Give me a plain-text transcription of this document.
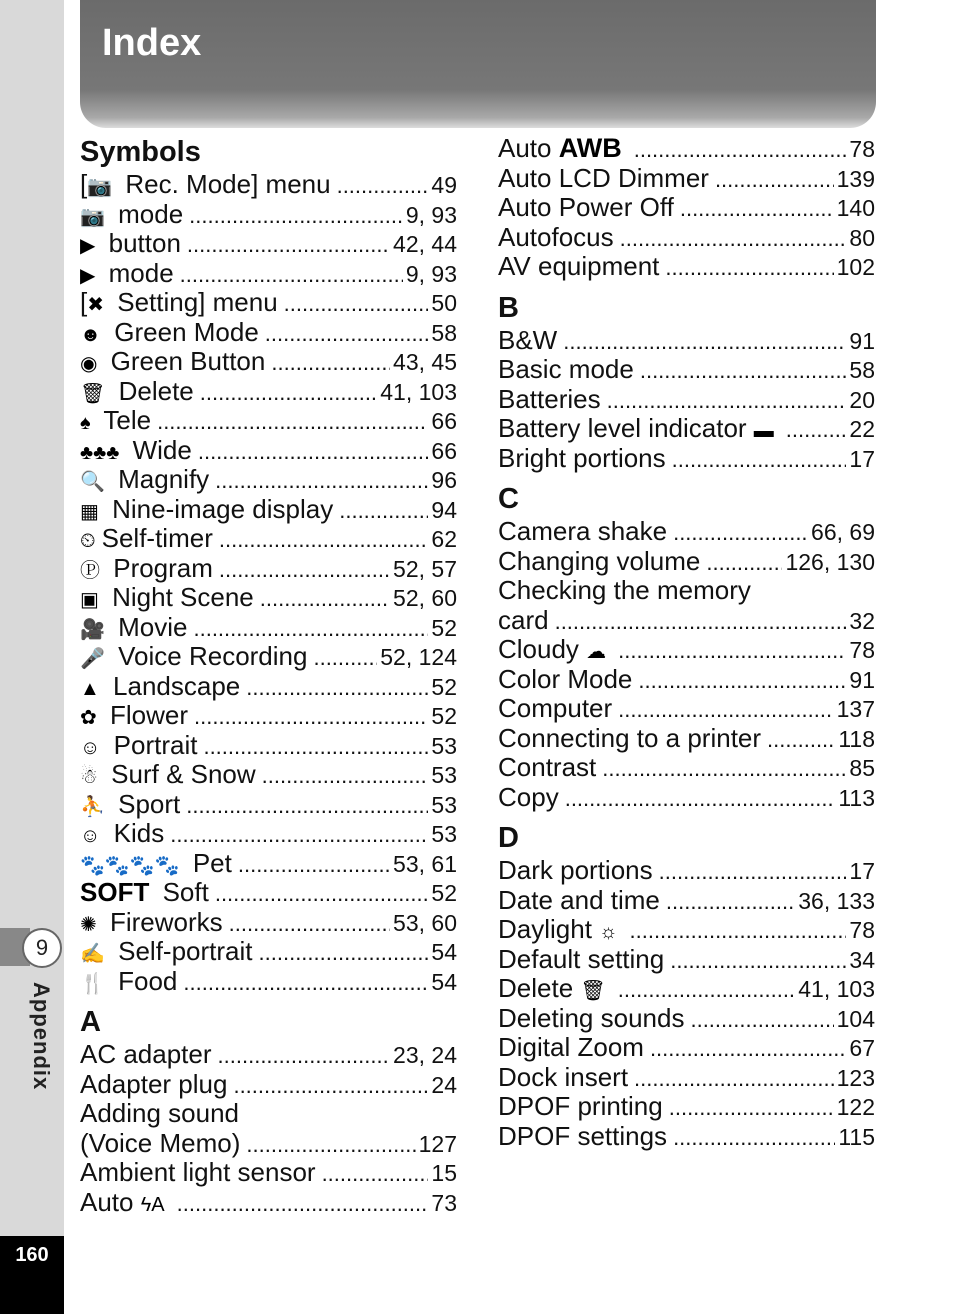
9
Appendix
160
Index
Symbols
[📷 Rec. Mode] menu .....	49
📷 mode .....	9, 93
▶ button .....	42, 44
▶ mode .....	9, 93
[✖ Setting] menu .....	50
☻ Green Mode .....	58
◉ Green Button .....	43, 45
🗑 Delete .....	41, 103
♠ Tele .....	66
♣♣♣ Wide .....	66
🔍 Magnify .....	96
▦ Nine-image display .....	94
⏲ Self-timer .....	62
Ⓟ Program .....	52, 57
▣ Night Scene .....	52, 60
🎥 Movie .....	52
🎤 Voice Recording .....	52, 124
▲ Landscape .....	52
✿ Flower .....	52
☺ Portrait .....	53
☃ Surf & Snow .....	53
⛹ Sport .....	53
☺ Kids .....	53
🐾🐾🐾🐾 Pet .....	53, 61
SOFT Soft .....	52
✺ Fireworks .....	53, 60
✍ Self-portrait .....	54
🍴 Food .....	54
A
AC adapter .....	23, 24
Adapter plug .....	24
Adding sound
(Voice Memo) .....	127
Ambient light sensor .....	15
Auto ϟA .....	73
Auto AWB .....	78
Auto LCD Dimmer .....	139
Auto Power Off .....	140
Autofocus .....	80
AV equipment .....	102
B
B&W .....	91
Basic mode .....	58
Batteries .....	20
Battery level indicator ▬ .....	22
Bright portions .....	17
C
Camera shake .....	66, 69
Changing volume .....	126, 130
Checking the memory
card .....	32
Cloudy ☁ .....	78
Color Mode .....	91
Computer .....	137
Connecting to a printer .....	118
Contrast .....	85
Copy .....	113
D
Dark portions .....	17
Date and time .....	36, 133
Daylight ☼ .....	78
Default setting .....	34
Delete 🗑 .....	41, 103
Deleting sounds .....	104
Digital Zoom .....	67
Dock insert .....	123
DPOF printing .....	122
DPOF settings .....	115
